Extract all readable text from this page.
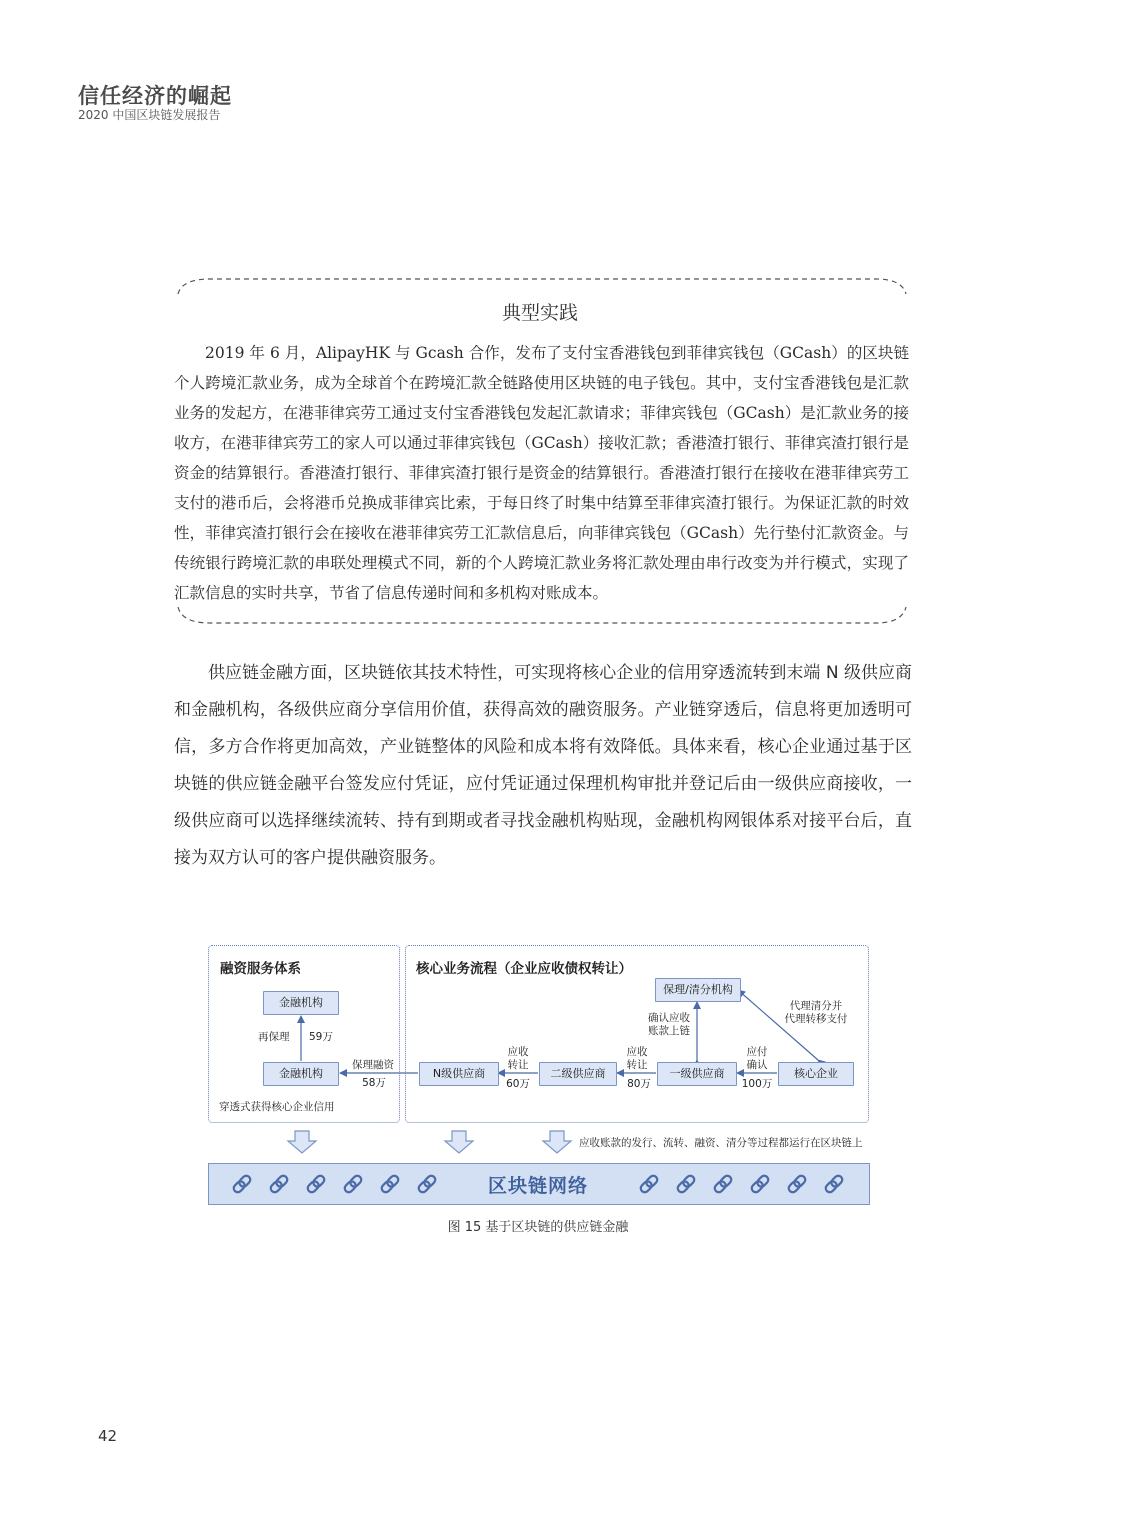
信任经济的崛起
2020 中国区块链发展报告
典型实践

2019 年 6 月，AlipayHK 与 Gcash 合作，发布了支付宝香港钱包到菲律宾钱包（GCash）的区块链个人跨境汇款业务，成为全球首个在跨境汇款全链路使用区块链的电子钱包。其中，支付宝香港钱包是汇款业务的发起方，在港菲律宾劳工通过支付宝香港钱包发起汇款请求；菲律宾钱包（GCash）是汇款业务的接收方，在港菲律宾劳工的家人可以通过菲律宾钱包（GCash）接收汇款；香港渣打银行、菲律宾渣打银行是资金的结算银行。香港渣打银行、菲律宾渣打银行是资金的结算银行。香港渣打银行在接收在港菲律宾劳工支付的港币后，会将港币兑换成菲律宾比索，于每日终了时集中结算至菲律宾渣打银行。为保证汇款的时效性，菲律宾渣打银行会在接收在港菲律宾劳工汇款信息后，向菲律宾钱包（GCash）先行垫付汇款资金。与传统银行跨境汇款的串联处理模式不同，新的个人跨境汇款业务将汇款处理由串行改变为并行模式，实现了汇款信息的实时共享，节省了信息传递时间和多机构对账成本。

供应链金融方面，区块链依其技术特性，可实现将核心企业的信用穿透流转到末端 N 级供应商和金融机构，各级供应商分享信用价值，获得高效的融资服务。产业链穿透后，信息将更加透明可信，多方合作将更加高效，产业链整体的风险和成本将有效降低。具体来看，核心企业通过基于区块链的供应链金融平台签发应付凭证，应付凭证通过保理机构审批并登记后由一级供应商接收，一级供应商可以选择继续流转、持有到期或者寻找金融机构贴现，金融机构网银体系对接平台后，直接为双方认可的客户提供融资服务。

融资服务体系	核心业务流程（企业应收债权转让）
金融机构
金融机构
再保理 59万
穿透式获得核心企业信用
保理/清分机构
核心企业
一级供应商
二级供应商
N级供应商
确认应收
账款上链
代理清分并
代理转移支付
应付
确认
100万
应收
转让
80万
应收
转让
60万
保理融资
58万
应收账款的发行、流转、融资、清分等过程都运行在区块链上
区块链网络
图 15 基于区块链的供应链金融
42
